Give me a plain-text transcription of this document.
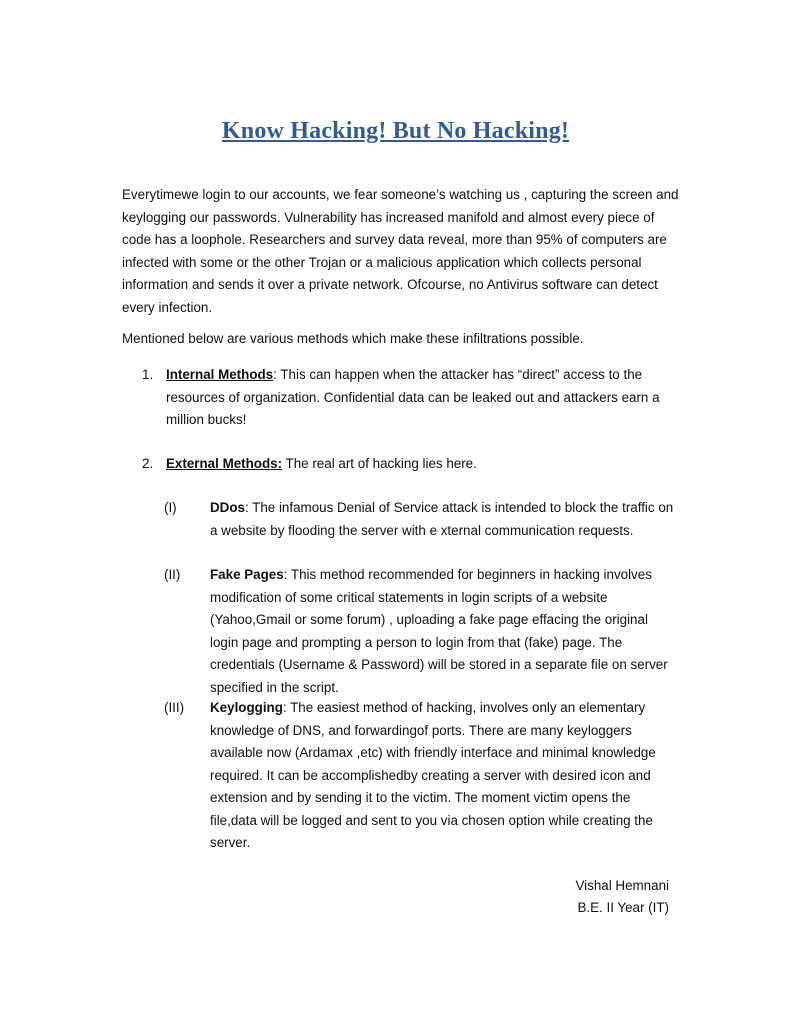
Know Hacking! But No Hacking!
Everytimewe login to our accounts, we fear someone’s watching us , capturing the screen and keylogging our passwords. Vulnerability has increased manifold and almost every piece of code has a loophole. Researchers and survey data reveal, more than 95% of computers are infected with some or the other Trojan or a malicious application which collects personal information and sends it over a private network. Ofcourse, no Antivirus software can detect every infection.
Mentioned below are various methods which make these infiltrations possible.
1. Internal Methods: This can happen when the attacker has “direct” access to the resources of organization. Confidential data can be leaked out and attackers earn a million bucks!
2. External Methods: The real art of hacking lies here.
(I)	DDos: The infamous Denial of Service attack is intended to block the traffic on a website by flooding the server with e xternal communication requests.
(II)	Fake Pages: This method recommended for beginners in hacking involves modification of some critical statements in login scripts of a website (Yahoo,Gmail or some forum) , uploading a fake page effacing the original login page and prompting a person to login from that (fake) page. The credentials (Username & Password) will be stored in a separate file on server specified in the script.
(III)	Keylogging: The easiest method of hacking, involves only an elementary knowledge of DNS, and forwardingof ports. There are many keyloggers available now (Ardamax ,etc) with friendly interface and minimal knowledge required. It can be accomplishedby creating a server with desired icon and extension and by sending it to the victim. The moment victim opens the file,data will be logged and sent to you via chosen option while creating the server.
Vishal Hemnani
B.E. II Year (IT)
